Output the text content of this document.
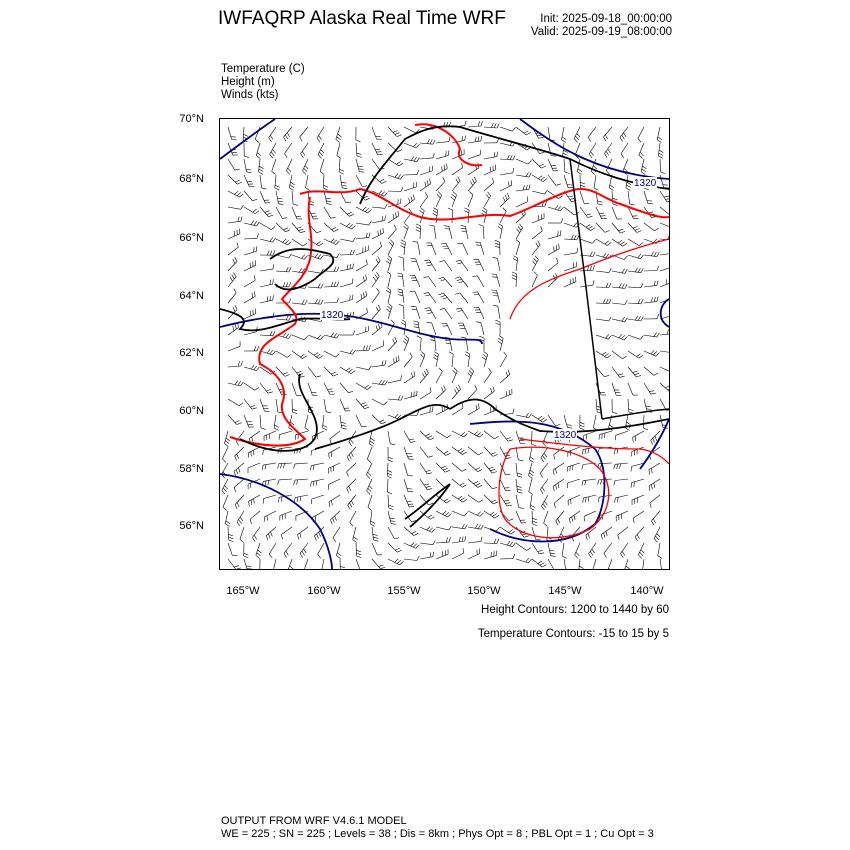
IWFAQRP Alaska Real Time WRF	Init: 2025-09-18_00:00:00
Valid: 2025-09-19_08:00:00
Temperature (C)
Height (m)
Winds (kts)
70°N
68°N
66°N
64°N
62°N
60°N
58°N
56°N
165°W	160°W	155°W	150°W	145°W	140°W
1320
1320
1320
Height Contours: 1200 to 1440 by 60
Temperature Contours: -15 to 15 by 5
OUTPUT FROM WRF V4.6.1 MODEL
WE = 225 ; SN = 225 ; Levels = 38 ; Dis = 8km ; Phys Opt = 8 ; PBL Opt = 1 ; Cu Opt = 3
